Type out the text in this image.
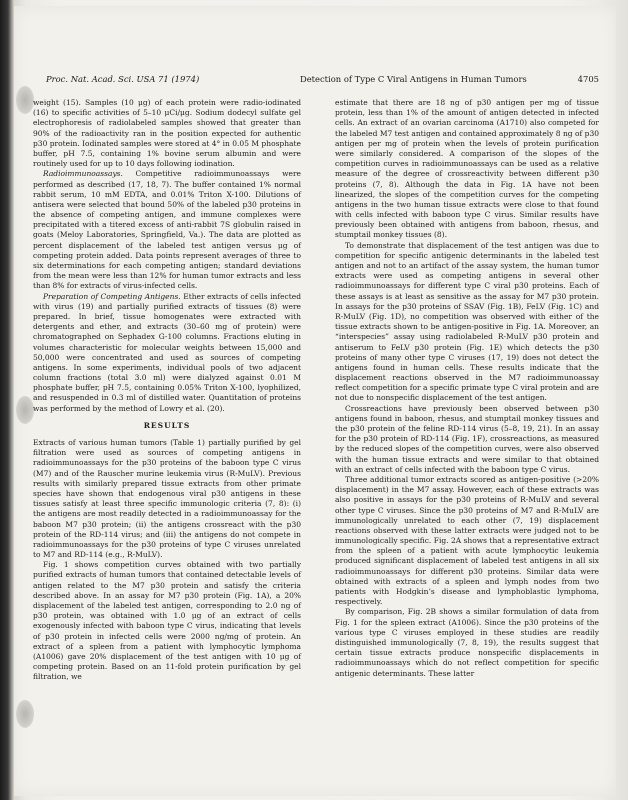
Proc. Nat. Acad. Sci. USA 71 (1974)	Detection of Type C Viral Antigens in Human Tumors	4705

weight (15). Samples (10 μg) of each protein were radio-iodinated (16) to specific activities of 5–10 μCi/μg. Sodium dodecyl sulfate gel electrophoresis of radiolabeled samples showed that greater than 90% of the radioactivity ran in the position expected for authentic p30 protein. Iodinated samples were stored at 4° in 0.05 M phosphate buffer, pH 7.5, containing 1% bovine serum albumin and were routinely used for up to 10 days following iodination.

Radioimmunoassays. Competitive radioimmunoassays were performed as described (17, 18, 7). The buffer contained 1% normal rabbit serum, 10 mM EDTA, and 0.01% Triton X-100. Dilutions of antisera were selected that bound 50% of the labeled p30 proteins in the absence of competing antigen, and immune complexes were precipitated with a titered excess of anti-rabbit 7S globulin raised in goats (Meloy Laboratories, Springfield, Va.). The data are plotted as percent displacement of the labeled test antigen versus μg of competing protein added. Data points represent averages of three to six determinations for each competing antigen; standard deviations from the mean were less than 12% for human tumor extracts and less than 8% for extracts of virus-infected cells.

Preparation of Competing Antigens. Ether extracts of cells infected with virus (19) and partially purified extracts of tissues (8) were prepared. In brief, tissue homogenates were extracted with detergents and ether, and extracts (30–60 mg of protein) were chromatographed on Sephadex G-100 columns. Fractions eluting in volumes characteristic for molecular weights between 15,000 and 50,000 were concentrated and used as sources of competing antigens. In some experiments, individual pools of two adjacent column fractions (total 3.0 ml) were dialyzed against 0.01 M phosphate buffer, pH 7.5, containing 0.05% Triton X-100, lyophilized, and resuspended in 0.3 ml of distilled water. Quantitation of proteins was performed by the method of Lowry et al. (20).

RESULTS

Extracts of various human tumors (Table 1) partially purified by gel filtration were used as sources of competing antigens in radioimmunoassays for the p30 proteins of the baboon type C virus (M7) and of the Rauscher murine leukemia virus (R-MuLV). Previous results with similarly prepared tissue extracts from other primate species have shown that endogenous viral p30 antigens in these tissues satisfy at least three specific immunologic criteria (7, 8): (i) the antigens are most readily detected in a radioimmunoassay for the baboon M7 p30 protein; (ii) the antigens crossreact with the p30 protein of the RD-114 virus; and (iii) the antigens do not compete in radioimmunoassays for the p30 proteins of type C viruses unrelated to M7 and RD-114 (e.g., R-MuLV).

Fig. 1 shows competition curves obtained with two partially purified extracts of human tumors that contained detectable levels of antigen related to the M7 p30 protein and satisfy the criteria described above. In an assay for M7 p30 protein (Fig. 1A), a 20% displacement of the labeled test antigen, corresponding to 2.0 ng of p30 protein, was obtained with 1.0 μg of an extract of cells exogenously infected with baboon type C virus, indicating that levels of p30 protein in infected cells were 2000 ng/mg of protein. An extract of a spleen from a patient with lymphocytic lymphoma (A1006) gave 20% displacement of the test antigen with 10 μg of competing protein. Based on an 11-fold protein purification by gel filtration, we

estimate that there are 18 ng of p30 antigen per mg of tissue protein, less than 1% of the amount of antigen detected in infected cells. An extract of an ovarian carcinoma (A1710) also competed for the labeled M7 test antigen and contained approximately 8 ng of p30 antigen per mg of protein when the levels of protein purification were similarly considered. A comparison of the slopes of the competition curves in radioimmunoassays can be used as a relative measure of the degree of crossreactivity between different p30 proteins (7, 8). Although the data in Fig. 1A have not been linearized, the slopes of the competition curves for the competing antigens in the two human tissue extracts were close to that found with cells infected with baboon type C virus. Similar results have previously been obtained with antigens from baboon, rhesus, and stumptail monkey tissues (8).

To demonstrate that displacement of the test antigen was due to competition for specific antigenic determinants in the labeled test antigen and not to an artifact of the assay system, the human tumor extracts were used as competing antigens in several other radioimmunoassays for different type C viral p30 proteins. Each of these assays is at least as sensitive as the assay for M7 p30 protein. In assays for the p30 proteins of SSAV (Fig. 1B), FeLV (Fig. 1C) and R-MuLV (Fig. 1D), no competition was observed with either of the tissue extracts shown to be antigen-positive in Fig. 1A. Moreover, an “interspecies” assay using radiolabeled R-MuLV p30 protein and antiserum to FeLV p30 protein (Fig. 1E) which detects the p30 proteins of many other type C viruses (17, 19) does not detect the antigens found in human cells. These results indicate that the displacement reactions observed in the M7 radioimmunoassay reflect competition for a specific primate type C viral protein and are not due to nonspecific displacement of the test antigen.

Crossreactions have previously been observed between p30 antigens found in baboon, rhesus, and stumptail monkey tissues and the p30 protein of the feline RD-114 virus (5–8, 19, 21). In an assay for the p30 protein of RD-114 (Fig. 1F), crossreactions, as measured by the reduced slopes of the competition curves, were also observed with the human tissue extracts and were similar to that obtained with an extract of cells infected with the baboon type C virus.

Three additional tumor extracts scored as antigen-positive (>20% displacement) in the M7 assay. However, each of these extracts was also positive in assays for the p30 proteins of R-MuLV and several other type C viruses. Since the p30 proteins of M7 and R-MuLV are immunologically unrelated to each other (7, 19) displacement reactions observed with these latter extracts were judged not to be immunologically specific. Fig. 2A shows that a representative extract from the spleen of a patient with acute lymphocytic leukemia produced significant displacement of labeled test antigens in all six radioimmunoassays for different p30 proteins. Similar data were obtained with extracts of a spleen and lymph nodes from two patients with Hodgkin’s disease and lymphoblastic lymphoma, respectively.

By comparison, Fig. 2B shows a similar formulation of data from Fig. 1 for the spleen extract (A1006). Since the p30 proteins of the various type C viruses employed in these studies are readily distinguished immunologically (7, 8, 19), the results suggest that certain tissue extracts produce nonspecific displacements in radioimmunoassays which do not reflect competition for specific antigenic determinants. These latter
